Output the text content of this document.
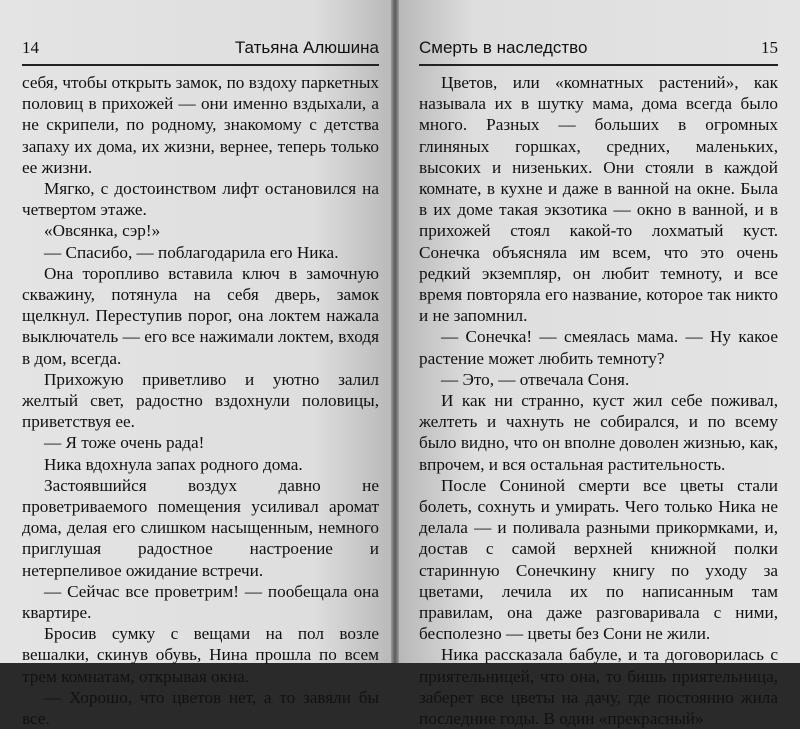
14	Татьяна Алюшина

себя, чтобы открыть замок, по вздоху паркетных половиц в прихожей — они именно вздыхали, а не скрипели, по родному, знакомому с детства запаху их дома, их жизни, вернее, теперь только ее жизни.

Мягко, с достоинством лифт остановился на четвертом этаже.

«Овсянка, сэр!»

— Спасибо, — поблагодарила его Ника.

Она торопливо вставила ключ в замочную скважину, потянула на себя дверь, замок щелкнул. Переступив порог, она локтем нажала выключатель — его все нажимали локтем, входя в дом, всегда.

Прихожую приветливо и уютно залил желтый свет, радостно вздохнули половицы, приветствуя ее.

— Я тоже очень рада!

Ника вдохнула запах родного дома.

Застоявшийся воздух давно не проветриваемого помещения усиливал аромат дома, делая его слишком насыщенным, немного приглушая радостное настроение и нетерпеливое ожидание встречи.

— Сейчас все проветрим! — пообещала она квартире.

Бросив сумку с вещами на пол возле вешалки, скинув обувь, Нина прошла по всем трем комнатам, открывая окна.

— Хорошо, что цветов нет, а то завяли бы все.

Смерть в наследство	15

Цветов, или «комнатных растений», как называла их в шутку мама, дома всегда было много. Разных — больших в огромных глиняных горшках, средних, маленьких, высоких и низеньких. Они стояли в каждой комнате, в кухне и даже в ванной на окне. Была в их доме такая экзотика — окно в ванной, и в прихожей стоял какой-то лохматый куст. Сонечка объясняла им всем, что это очень редкий экземпляр, он любит темноту, и все время повторяла его название, которое так никто и не запомнил.

— Сонечка! — смеялась мама. — Ну какое растение может любить темноту?

— Это, — отвечала Соня.

И как ни странно, куст жил себе поживал, желтеть и чахнуть не собирался, и по всему было видно, что он вполне доволен жизнью, как, впрочем, и вся остальная растительность.

После Сониной смерти все цветы стали болеть, сохнуть и умирать. Чего только Ника не делала — и поливала разными прикормками, и, достав с самой верхней книжной полки старинную Сонечкину книгу по уходу за цветами, лечила их по написанным там правилам, она даже разговаривала с ними, бесполезно — цветы без Сони не жили.

Ника рассказала бабуле, и та договорилась с приятельницей, что она, то бишь приятельница, заберет все цветы на дачу, где постоянно жила последние годы. В один «прекрасный»
